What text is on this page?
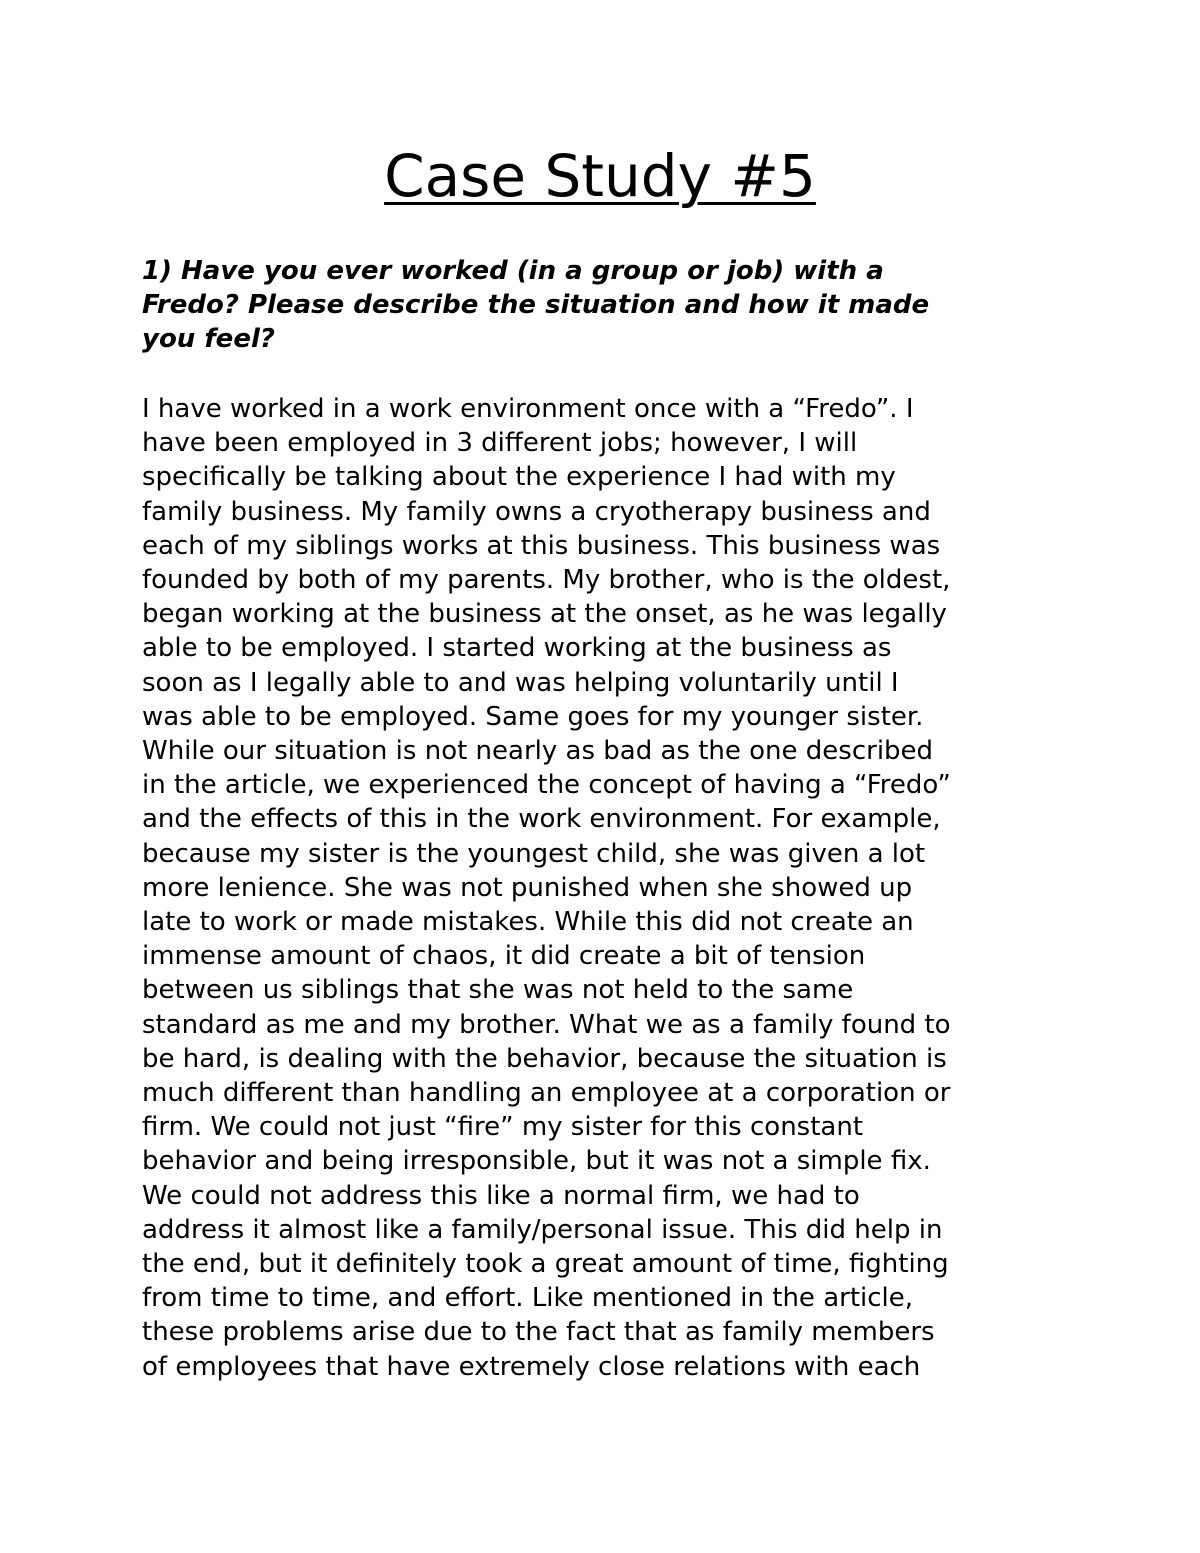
Case Study #5

1) Have you ever worked (in a group or job) with a
Fredo? Please describe the situation and how it made
you feel?

I have worked in a work environment once with a “Fredo”. I
have been employed in 3 different jobs; however, I will
specifically be talking about the experience I had with my
family business. My family owns a cryotherapy business and
each of my siblings works at this business. This business was
founded by both of my parents. My brother, who is the oldest,
began working at the business at the onset, as he was legally
able to be employed. I started working at the business as
soon as I legally able to and was helping voluntarily until I
was able to be employed. Same goes for my younger sister.
While our situation is not nearly as bad as the one described
in the article, we experienced the concept of having a “Fredo”
and the effects of this in the work environment. For example,
because my sister is the youngest child, she was given a lot
more lenience. She was not punished when she showed up
late to work or made mistakes. While this did not create an
immense amount of chaos, it did create a bit of tension
between us siblings that she was not held to the same
standard as me and my brother. What we as a family found to
be hard, is dealing with the behavior, because the situation is
much different than handling an employee at a corporation or
firm. We could not just “fire” my sister for this constant
behavior and being irresponsible, but it was not a simple fix.
We could not address this like a normal firm, we had to
address it almost like a family/personal issue. This did help in
the end, but it definitely took a great amount of time, fighting
from time to time, and effort. Like mentioned in the article,
these problems arise due to the fact that as family members
of employees that have extremely close relations with each
